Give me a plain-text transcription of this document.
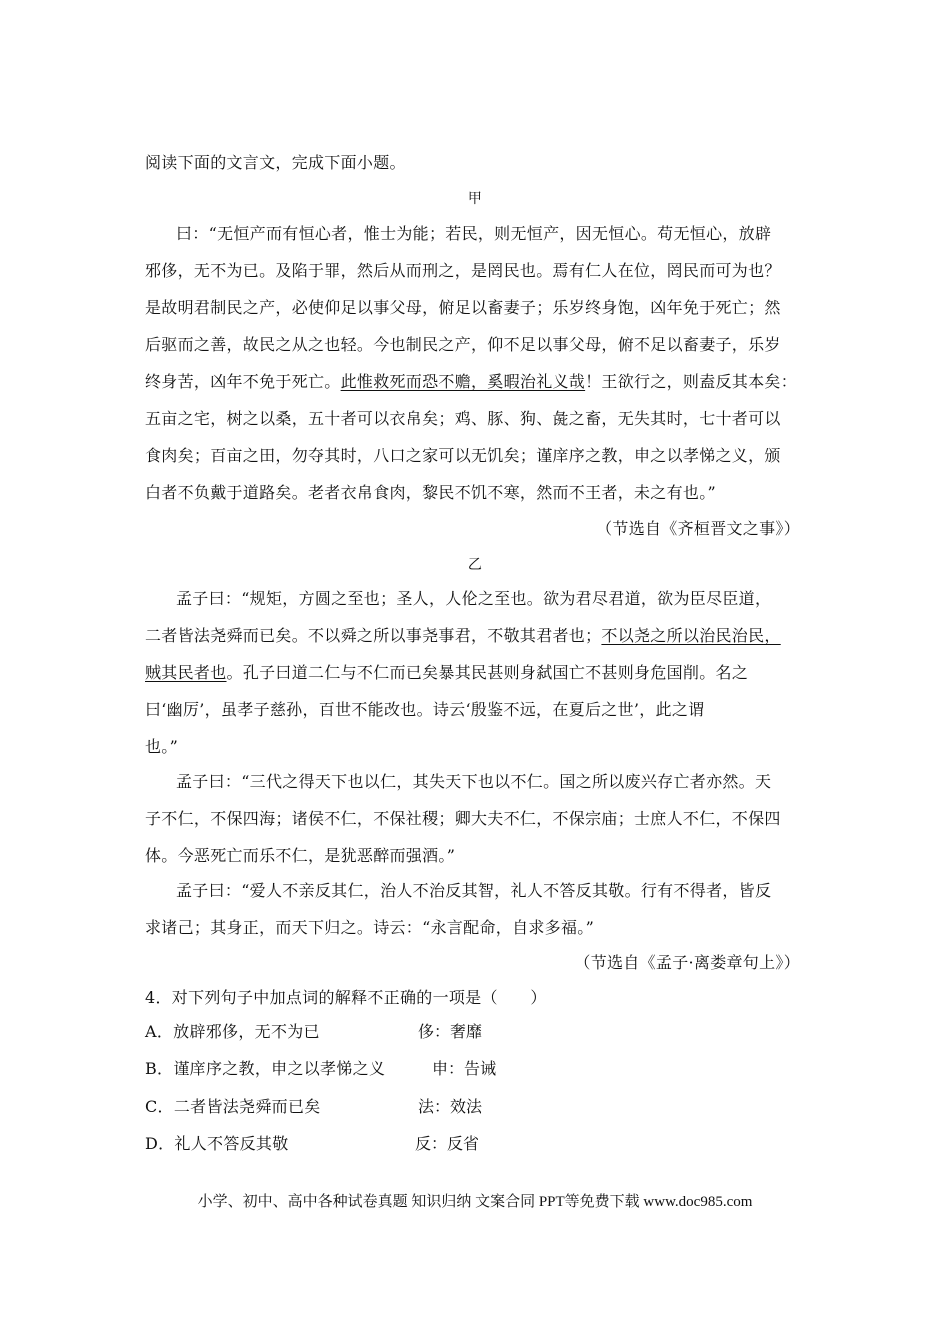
阅读下面的文言文，完成下面小题。
甲
曰：“无恒产而有恒心者，惟士为能；若民，则无恒产，因无恒心。苟无恒心，放辟
邪侈，无不为已。及陷于罪，然后从而刑之，是罔民也。焉有仁人在位，罔民而可为也？
是故明君制民之产，必使仰足以事父母，俯足以畜妻子；乐岁终身饱，凶年免于死亡；然
后驱而之善，故民之从之也轻。今也制民之产，仰不足以事父母，俯不足以畜妻子，乐岁
终身苦，凶年不免于死亡。此惟救死而恐不赡，奚暇治礼义哉！王欲行之，则盍反其本矣：
五亩之宅，树之以桑，五十者可以衣帛矣；鸡、豚、狗、彘之畜，无失其时，七十者可以
食肉矣；百亩之田，勿夺其时，八口之家可以无饥矣；谨庠序之教，申之以孝悌之义，颁
白者不负戴于道路矣。老者衣帛食肉，黎民不饥不寒，然而不王者，未之有也。”
（节选自《齐桓晋文之事》）
乙
孟子曰：“规矩，方圆之至也；圣人，人伦之至也。欲为君尽君道，欲为臣尽臣道，
二者皆法尧舜而已矣。不以舜之所以事尧事君，不敬其君者也；不以尧之所以治民治民，
贼其民者也。孔子曰道二仁与不仁而已矣暴其民甚则身弑国亡不甚则身危国削。名之
曰‘幽厉’，虽孝子慈孙，百世不能改也。诗云‘殷鉴不远，在夏后之世’，此之谓
也。”
孟子曰：“三代之得天下也以仁，其失天下也以不仁。国之所以废兴存亡者亦然。天
子不仁，不保四海；诸侯不仁，不保社稷；卿大夫不仁，不保宗庙；士庶人不仁，不保四
体。今恶死亡而乐不仁，是犹恶醉而强酒。”
孟子曰：“爱人不亲反其仁，治人不治反其智，礼人不答反其敬。行有不得者，皆反
求诸己；其身正，而天下归之。诗云：“永言配命，自求多福。”
（节选自《孟子·离娄章句上》）
4．对下列句子中加点词的解释不正确的一项是（　　）
A．放辟邪侈，无不为已	侈：奢靡
B．谨庠序之教，申之以孝悌之义	申：告诫
C．二者皆法尧舜而已矣	法：效法
D．礼人不答反其敬	反：反省
小学、初中、高中各种试卷真题 知识归纳 文案合同 PPT等免费下载 www.doc985.com
